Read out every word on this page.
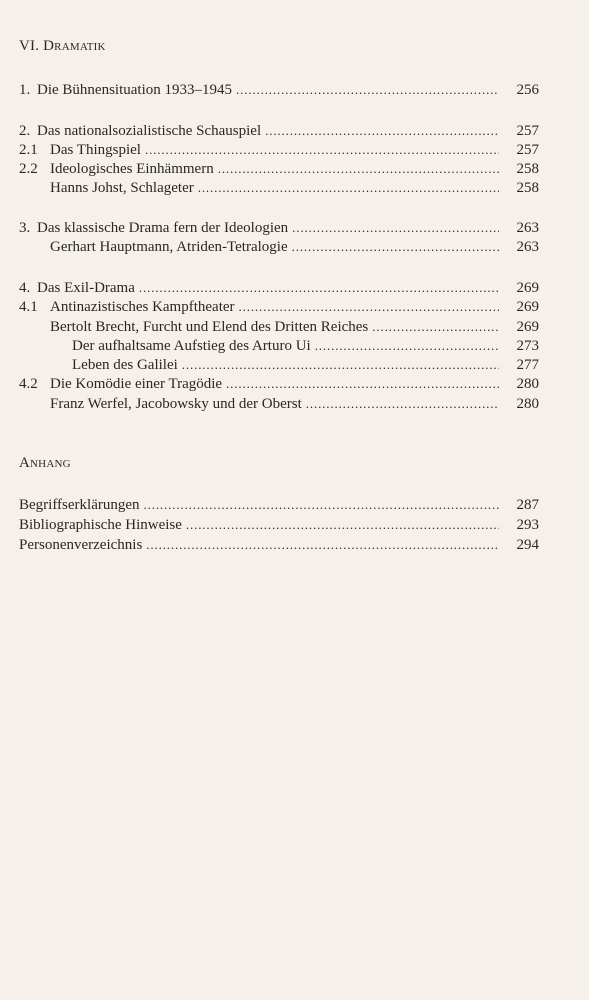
VI. Dramatik
1. Die Bühnensituation 1933–1945 . . .	256
2. Das nationalsozialistische Schauspiel . . .	257
2.1 Das Thingspiel . . .	257
2.2 Ideologisches Einhämmern . . .	258
Hanns Johst, Schlageter . . .	258
3. Das klassische Drama fern der Ideologien . . .	263
Gerhart Hauptmann, Atriden-Tetralogie . . .	263
4. Das Exil-Drama . . .	269
4.1 Antinazistisches Kampftheater . . .	269
Bertolt Brecht, Furcht und Elend des Dritten Reiches . . .	269
Der aufhaltsame Aufstieg des Arturo Ui . . .	273
Leben des Galilei . . .	277
4.2 Die Komödie einer Tragödie . . .	280
Franz Werfel, Jacobowsky und der Oberst . . .	280
Anhang
Begriffserklärungen . . .	287
Bibliographische Hinweise . . .	293
Personenverzeichnis . . .	294
